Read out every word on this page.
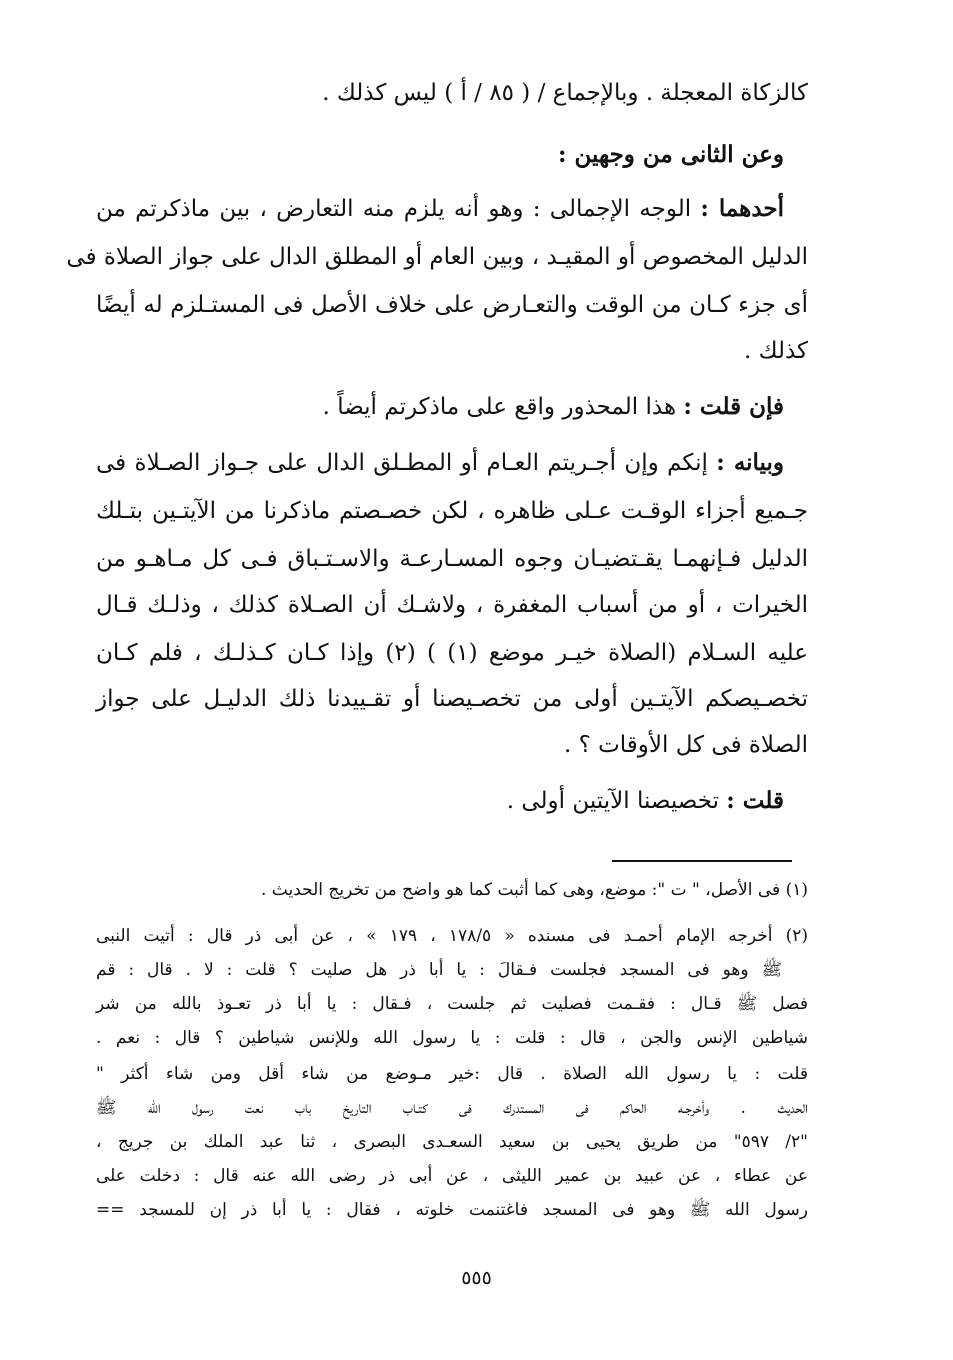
كالزكاة المعجلة . وبالإجماع / ( ٨٥ / أ ) ليس كذلك .
وعن الثانى من وجهين :
أحدهما : الوجه الإجمالى : وهو أنه يلزم منه التعارض ، بين ماذكرتم من
الدليل المخصوص أو المقيـد ، وبين العام أو المطلق الدال على جواز الصلاة فى
أى جزء كـان من الوقت والتعـارض على خلاف الأصل فى المستـلزم له أيضًا
كذلك .
فإن قلت : هذا المحذور واقع على ماذكرتم أيضاً .
وبيانه : إنكم وإن أجـريتم العـام أو المطـلق الدال على جـواز الصـلاة فى
جـميع أجزاء الوقـت عـلى ظاهره ، لكن خصـصتم ماذكرنا من الآيتـين بتـلك
الدليل فـإنهمـا يقـتضيـان وجوه المسـارعـة والاسـتـباق فـى كل مـاهـو من
الخيرات ، أو من أسباب المغفرة ، ولاشـك أن الصـلاة كذلك ، وذلـك قـال
عليه السـلام (الصلاة خيـر موضع (١) ) (٢) وإذا كـان كـذلـك ، فلم كـان
تخصـيصكم الآيتـين أولى من تخصـيصنا أو تقـييدنا ذلك الدليـل على جواز
الصلاة فى كل الأوقات ؟ .
قلت : تخصيصنا الآيتين أولى .
(١) فى الأصل، " ت ": موضع، وهى كما أثبت كما هو واضح من تخريج الحديث .
(٢) أخرجه الإمام أحمـد فى مسنده « ١٧٨/٥ ، ١٧٩ » ، عن أبى ذر قال : أتيت النبى
ﷺ وهو فى المسجد فجلست فـقالَ : يا أبا ذر هل صليت ؟ قلت : لا . قال : قم
فصل ﷺ قـال : فقـمت فصليت ثم جلست ، فـقال : يا أبا ذر تعـوذ بالله من شر
شياطين الإنس والجن ، قال : قلت : يا رسول الله وللإنس شياطين ؟ قال : نعم .
قلت : يا رسول الله الصلاة . قال :خير مـوضع من شاء أقل ومن شاء أكثر "
الحديث . وأخرجـه الحاكم فى المستدرك فى كتـاب التاريخ باب نعت رسول الله ﷺ
"٢/ ٥٩٧" من طريق يحيى بن سعيد السعـدى البصرى ، ثنا عبد الملك بن جريج ،
عن عطاء ، عن عبيد بن عمير الليثى ، عن أبى ذر رضى الله عنه قال : دخلت على
رسول الله ﷺ وهو فى المسجد فاغتنمت خلوته ، فقال : يا أبا ذر إن للمسجد ==
٥٥٥
